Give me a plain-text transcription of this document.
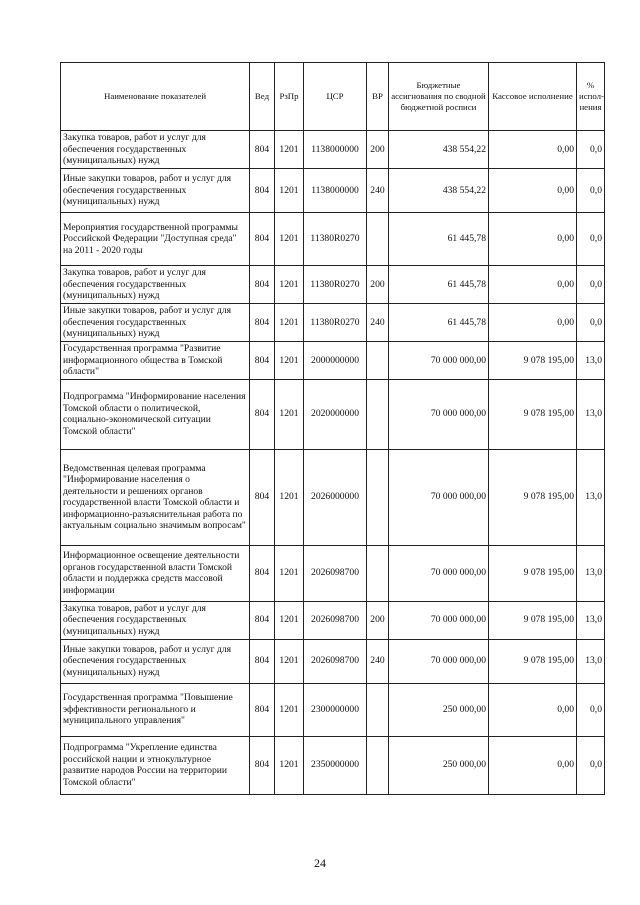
Наименование показателей	Вед	РзПр	ЦСР	ВР	Бюджетные ассигнования по сводной бюджетной росписи	Кассовое исполнение	% испол-нения
Закупка товаров, работ и услуг для обеспечения государственных (муниципальных) нужд	804	1201	1138000000	200	438 554,22	0,00	0,0
Иные закупки товаров, работ и услуг для обеспечения государственных (муниципальных) нужд	804	1201	1138000000	240	438 554,22	0,00	0,0
Мероприятия государственной программы Российской Федерации "Доступная среда" на 2011 - 2020 годы	804	1201	11380R0270		61 445,78	0,00	0,0
Закупка товаров, работ и услуг для обеспечения государственных (муниципальных) нужд	804	1201	11380R0270	200	61 445,78	0,00	0,0
Иные закупки товаров, работ и услуг для обеспечения государственных (муниципальных) нужд	804	1201	11380R0270	240	61 445,78	0,00	0,0
Государственная программа "Развитие информационного общества в Томской области"	804	1201	2000000000		70 000 000,00	9 078 195,00	13,0
Подпрограмма "Информирование населения Томской области о политической, социально-экономической ситуации Томской области"	804	1201	2020000000		70 000 000,00	9 078 195,00	13,0
Ведомственная целевая программа "Информирование населения о деятельности и решениях органов государственной власти Томской области и информационно-разъяснительная работа по актуальным социально значимым вопросам"	804	1201	2026000000		70 000 000,00	9 078 195,00	13,0
Информационное освещение деятельности органов государственной власти Томской области и поддержка средств массовой информации	804	1201	2026098700		70 000 000,00	9 078 195,00	13,0
Закупка товаров, работ и услуг для обеспечения государственных (муниципальных) нужд	804	1201	2026098700	200	70 000 000,00	9 078 195,00	13,0
Иные закупки товаров, работ и услуг для обеспечения государственных (муниципальных) нужд	804	1201	2026098700	240	70 000 000,00	9 078 195,00	13,0
Государственная программа "Повышение эффективности регионального и муниципального управления"	804	1201	2300000000		250 000,00	0,00	0,0
Подпрограмма "Укрепление единства российской нации и этнокультурное развитие народов России на территории Томской области"	804	1201	2350000000		250 000,00	0,00	0,0
24
